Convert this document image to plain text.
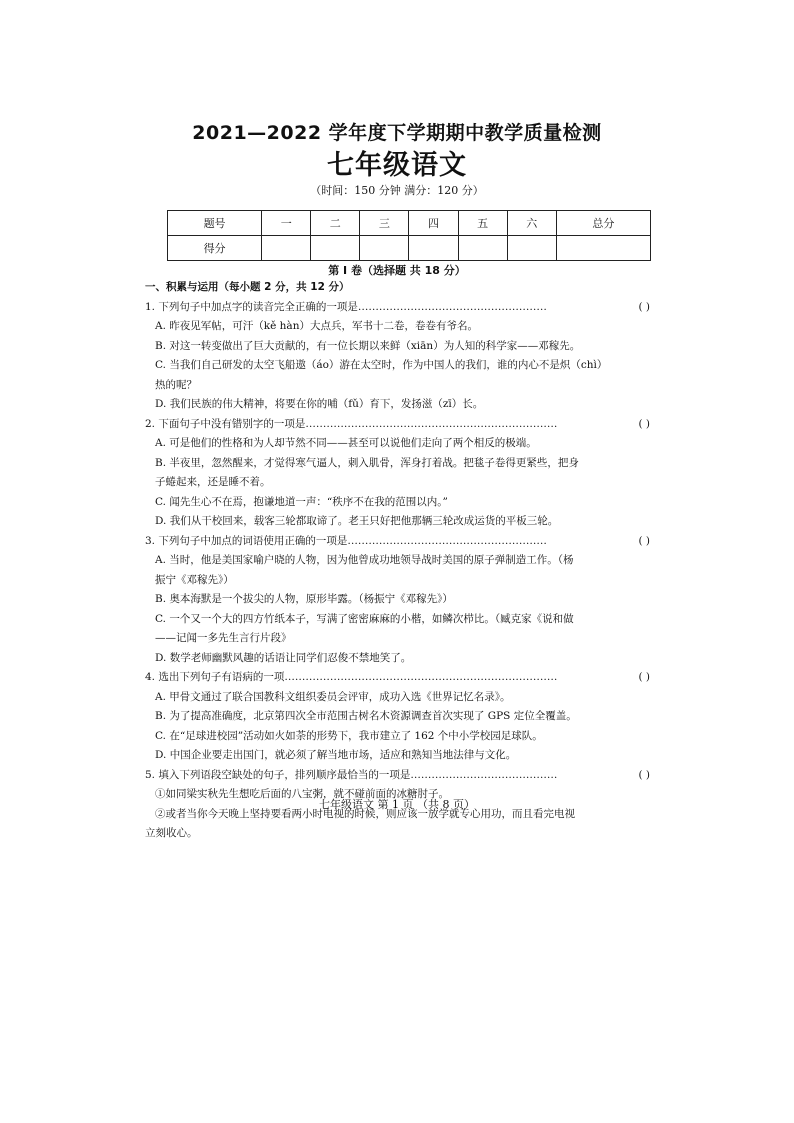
2021—2022 学年度下学期期中教学质量检测
七年级语文
（时间：150 分钟 满分：120 分）
题号	一	二	三	四	五	六	总分
得分							
第 I 卷（选择题 共 18 分）
一、积累与运用（每小题 2 分，共 12 分）
1. 下列句子中加点字的读音完全正确的一项是………………………………………………	( )
A. 昨夜见军帖，可汗（kě hàn）大点兵，军书十二卷，卷卷有爷名。
B. 对这一转变做出了巨大贡献的，有一位长期以来鲜（xiān）为人知的科学家——邓稼先。
C. 当我们自己研发的太空飞船遨（áo）游在太空时，作为中国人的我们，谁的内心不是炽（chì）
热的呢？
D. 我们民族的伟大精神，将要在你的哺（fǔ）育下，发扬滋（zī）长。
2. 下面句子中没有错别字的一项是………………………………………………………………	( )
A. 可是他们的性格和为人却节然不同——甚至可以说他们走向了两个相反的极端。
B. 半夜里，忽然醒来，才觉得寒气逼人，刺入肌骨，浑身打着战。把毯子卷得更紧些，把身
子蜷起来，还是睡不着。
C. 闻先生心不在焉，抱谦地道一声：“秩序不在我的范围以内。”
D. 我们从干校回来，载客三轮都取谛了。老王只好把他那辆三轮改成运货的平板三轮。
3. 下列句子中加点的词语使用正确的一项是…………………………………………………	( )
A. 当时，他是美国家喻户晓的人物，因为他曾成功地领导战时美国的原子弹制造工作。（杨
振宁《邓稼先》）
B. 奥本海默是一个拔尖的人物，原形毕露。（杨振宁《邓稼先》）
C. 一个又一个大的四方竹纸本子，写满了密密麻麻的小楷，如鳞次栉比。（臧克家《说和做
——记闻一多先生言行片段》
D. 数学老师幽默风趣的话语让同学们忍俊不禁地笑了。
4. 选出下列句子有语病的一项……………………………………………………………………	( )
A. 甲骨文通过了联合国教科文组织委员会评审，成功入选《世界记忆名录》。
B. 为了提高准确度，北京第四次全市范围古树名木资源调查首次实现了 GPS 定位全覆盖。
C. 在“足球进校园”活动如火如荼的形势下，我市建立了 162 个中小学校园足球队。
D. 中国企业要走出国门，就必须了解当地市场，适应和熟知当地法律与文化。
5. 填入下列语段空缺处的句子，排列顺序最恰当的一项是……………………………………	( )
①如同梁实秋先生想吃后面的八宝粥，就不碰前面的冰糖肘子。
②或者当你今天晚上坚持要看两小时电视的时候，则应该一放学就专心用功，而且看完电视
立刻收心。
七年级语文 第 1 页 （共 8 页）
